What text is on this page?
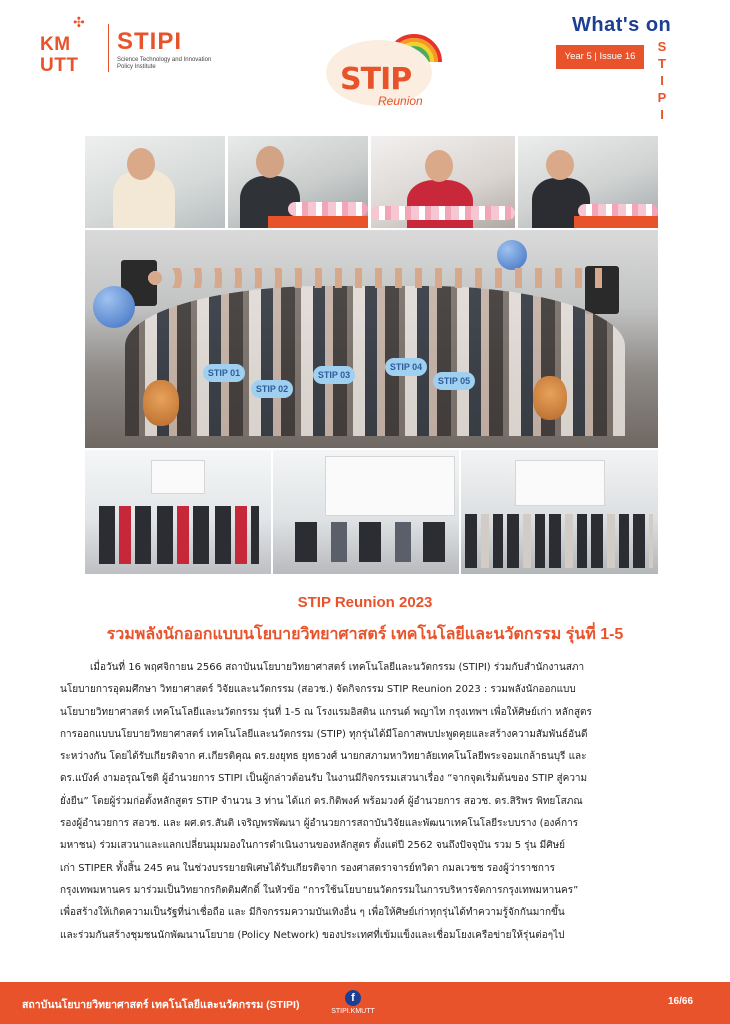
✣
KM
UTT
STIPI
Science Technology and Innovation Policy Institute	STIP
Reunion
What's on
Year 5 | Issue 16
S
T
I
P
I
STIP 01
STIP 02
STIP 03
STIP 04
STIP 05
STIP Reunion 2023
รวมพลังนักออกแบบนโยบายวิทยาศาสตร์ เทคโนโลยีและนวัตกรรม รุ่นที่ 1-5
เมื่อวันที่ 16 พฤศจิกายน 2566 สถาบันนโยบายวิทยาศาสตร์ เทคโนโลยีและนวัตกรรม (STIPI) ร่วมกับสำนักงานสภา
นโยบายการอุดมศึกษา วิทยาศาสตร์ วิจัยและนวัตกรรม (สอวช.) จัดกิจกรรม STIP Reunion 2023 : รวมพลังนักออกแบบ
นโยบายวิทยาศาสตร์ เทคโนโลยีและนวัตกรรม รุ่นที่ 1-5 ณ โรงแรมอิสติน แกรนด์ พญาไท กรุงเทพฯ เพื่อให้ศิษย์เก่า หลักสูตร
การออกแบบนโยบายวิทยาศาสตร์ เทคโนโลยีและนวัตกรรม (STIP) ทุกรุ่นได้มีโอกาสพบปะพูดคุยและสร้างความสัมพันธ์อันดี
ระหว่างกัน โดยได้รับเกียรติจาก ศ.เกียรติคุณ ดร.ยงยุทธ ยุทธวงศ์ นายกสภามหาวิทยาลัยเทคโนโลยีพระจอมเกล้าธนบุรี และ
ดร.แบ๊งค์ งามอรุณโชติ ผู้อำนวยการ STIPI เป็นผู้กล่าวต้อนรับ ในงานมีกิจกรรมเสวนาเรื่อง “จากจุดเริ่มต้นของ STIP สู่ความ
ยั่งยืน” โดยผู้ร่วมก่อตั้งหลักสูตร STIP จำนวน 3 ท่าน ได้แก่ ดร.กิติพงค์ พร้อมวงค์ ผู้อำนวยการ สอวช. ดร.สิริพร พิทยโสภณ
รองผู้อำนวยการ สอวช. และ ผศ.ดร.สันติ เจริญพรพัฒนา ผู้อำนวยการสถาบันวิจัยและพัฒนาเทคโนโลยีระบบราง (องค์การ
มหาชน) ร่วมเสวนาและแลกเปลี่ยนมุมมองในการดำเนินงานของหลักสูตร ตั้งแต่ปี 2562 จนถึงปัจจุบัน รวม 5 รุ่น มีศิษย์
เก่า STIPER ทั้งสิ้น 245 คน ในช่วงบรรยายพิเศษได้รับเกียรติจาก รองศาสตราจารย์ทวิดา กมลเวชช รองผู้ว่าราชการ
กรุงเทพมหานคร มาร่วมเป็นวิทยากรกิตติมศักดิ์ ในหัวข้อ “การใช้นโยบายนวัตกรรมในการบริหารจัดการกรุงเทพมหานคร”
เพื่อสร้างให้เกิดความเป็นรัฐที่น่าเชื่อถือ และ มีกิจกรรมความบันเทิงอื่น ๆ เพื่อให้ศิษย์เก่าทุกรุ่นได้ทำความรู้จักกันมากขึ้น
และร่วมกันสร้างชุมชนนักพัฒนานโยบาย (Policy Network) ของประเทศที่เข้มแข็งและเชื่อมโยงเครือข่ายให้รุ่นต่อๆไป
สถาบันนโยบายวิทยาศาสตร์ เทคโนโลยีและนวัตกรรม (STIPI)
f
STIPI.KMUTT
16/66
